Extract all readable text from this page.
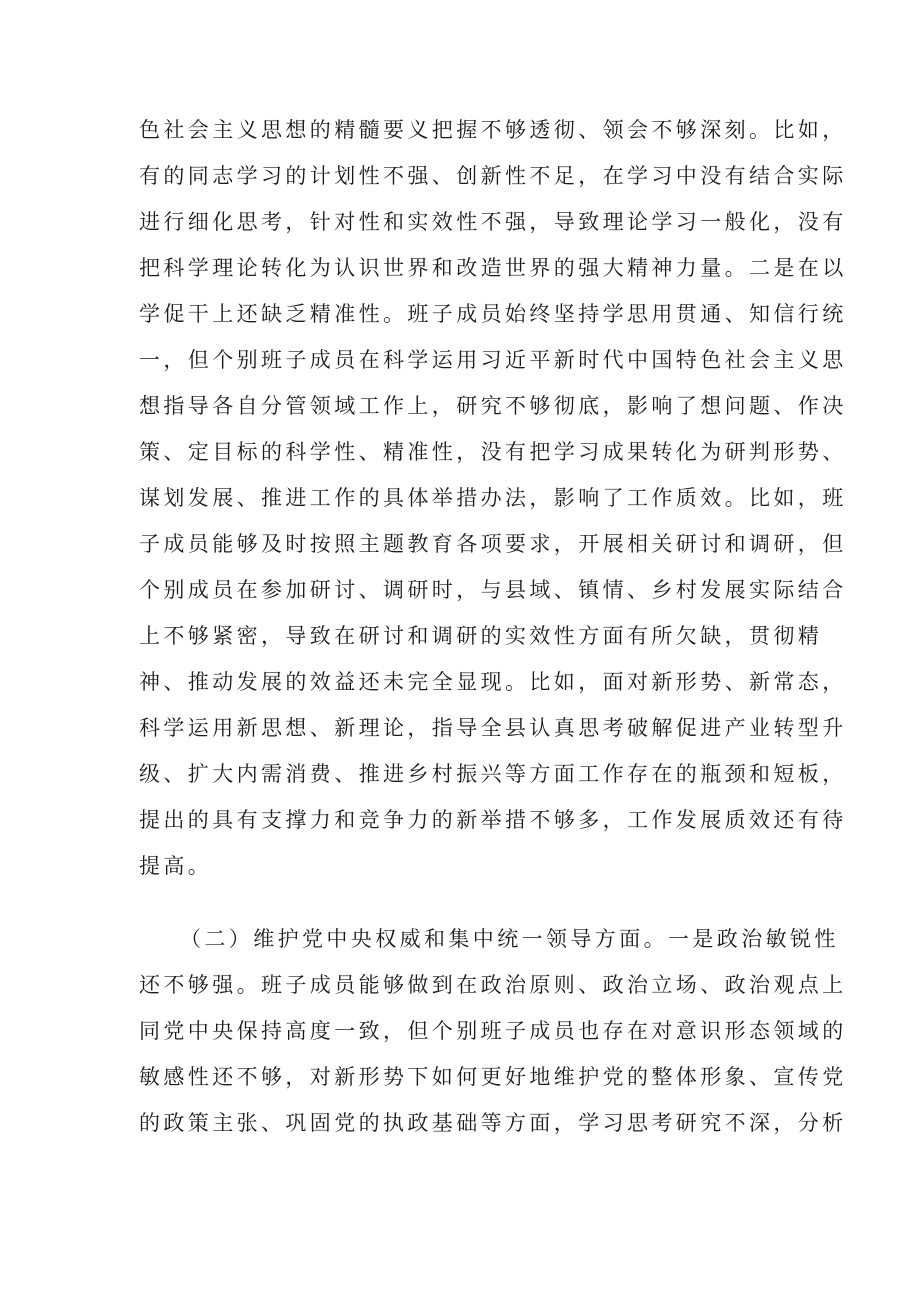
色社会主义思想的精髓要义把握不够透彻、领会不够深刻。比如，
有的同志学习的计划性不强、创新性不足，在学习中没有结合实际
进行细化思考，针对性和实效性不强，导致理论学习一般化，没有
把科学理论转化为认识世界和改造世界的强大精神力量。二是在以
学促干上还缺乏精准性。班子成员始终坚持学思用贯通、知信行统
一，但个别班子成员在科学运用习近平新时代中国特色社会主义思
想指导各自分管领域工作上，研究不够彻底，影响了想问题、作决
策、定目标的科学性、精准性，没有把学习成果转化为研判形势、
谋划发展、推进工作的具体举措办法，影响了工作质效。比如，班
子成员能够及时按照主题教育各项要求，开展相关研讨和调研，但
个别成员在参加研讨、调研时，与县域、镇情、乡村发展实际结合
上不够紧密，导致在研讨和调研的实效性方面有所欠缺，贯彻精
神、推动发展的效益还未完全显现。比如，面对新形势、新常态，
科学运用新思想、新理论，指导全县认真思考破解促进产业转型升
级、扩大内需消费、推进乡村振兴等方面工作存在的瓶颈和短板，
提出的具有支撑力和竞争力的新举措不够多，工作发展质效还有待
提高。
（二）维护党中央权威和集中统一领导方面。一是政治敏锐性
还不够强。班子成员能够做到在政治原则、政治立场、政治观点上
同党中央保持高度一致，但个别班子成员也存在对意识形态领域的
敏感性还不够，对新形势下如何更好地维护党的整体形象、宣传党
的政策主张、巩固党的执政基础等方面，学习思考研究不深，分析
